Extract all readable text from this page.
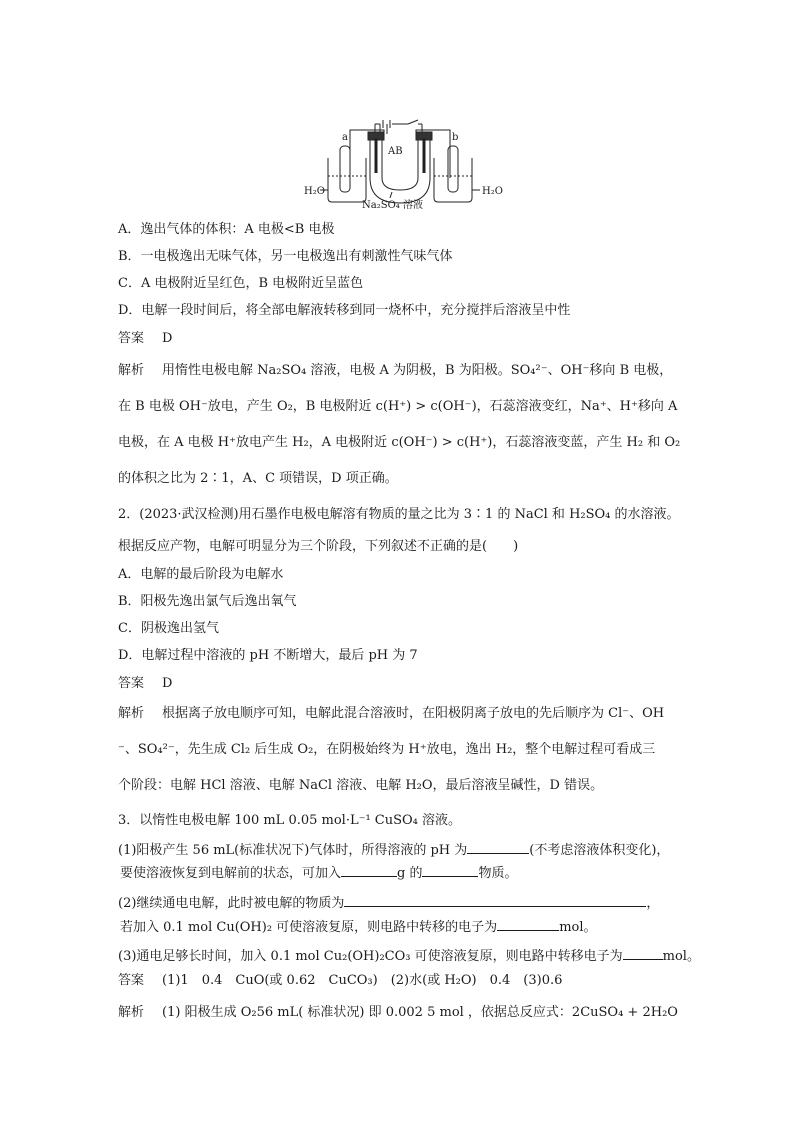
a	b
AB
H₂O	H₂O
Na₂SO₄ 溶液
A．逸出气体的体积：A 电极<B 电极
B．一电极逸出无味气体，另一电极逸出有刺激性气味气体
C．A 电极附近呈红色，B 电极附近呈蓝色
D．电解一段时间后，将全部电解液转移到同一烧杯中，充分搅拌后溶液呈中性
答案 D
解析 用惰性电极电解 Na₂SO₄ 溶液，电极 A 为阴极，B 为阳极。SO₄²⁻、OH⁻移向 B 电极，
在 B 电极 OH⁻放电，产生 O₂，B 电极附近 c(H⁺) > c(OH⁻)，石蕊溶液变红，Na⁺、H⁺移向 A
电极，在 A 电极 H⁺放电产生 H₂，A 电极附近 c(OH⁻) > c(H⁺)，石蕊溶液变蓝，产生 H₂ 和 O₂
的体积之比为 2∶1，A、C 项错误，D 项正确。
2．(2023·武汉检测)用石墨作电极电解溶有物质的量之比为 3∶1 的 NaCl 和 H₂SO₄ 的水溶液。
根据反应产物，电解可明显分为三个阶段，下列叙述不正确的是(　　)
A．电解的最后阶段为电解水
B．阳极先逸出氯气后逸出氧气
C．阴极逸出氢气
D．电解过程中溶液的 pH 不断增大，最后 pH 为 7
答案 D
解析 根据离子放电顺序可知，电解此混合溶液时，在阳极阴离子放电的先后顺序为 Cl⁻、OH
⁻、SO₄²⁻，先生成 Cl₂ 后生成 O₂，在阴极始终为 H⁺放电，逸出 H₂，整个电解过程可看成三
个阶段：电解 HCl 溶液、电解 NaCl 溶液、电解 H₂O，最后溶液呈碱性，D 错误。
3．以惰性电极电解 100 mL 0.05 mol·L⁻¹ CuSO₄ 溶液。
(1)阳极产生 56 mL(标准状况下)气体时，所得溶液的 pH 为	(不考虑溶液体积变化)，
要使溶液恢复到电解前的状态，可加入	g 的	物质。
(2)继续通电电解，此时被电解的物质为	，
若加入 0.1 mol Cu(OH)₂ 可使溶液复原，则电路中转移的电子为	mol。
(3)通电足够长时间，加入 0.1 mol Cu₂(OH)₂CO₃ 可使溶液复原，则电路中转移电子为	mol。
答案 (1)1　0.4　CuO(或 0.62　CuCO₃)　(2)水(或 H₂O)　0.4　(3)0.6
解析 (1) 阳极生成 O₂56 mL( 标准状况) 即 0.002 5 mol ，依据总反应式：2CuSO₄ + 2H₂O
